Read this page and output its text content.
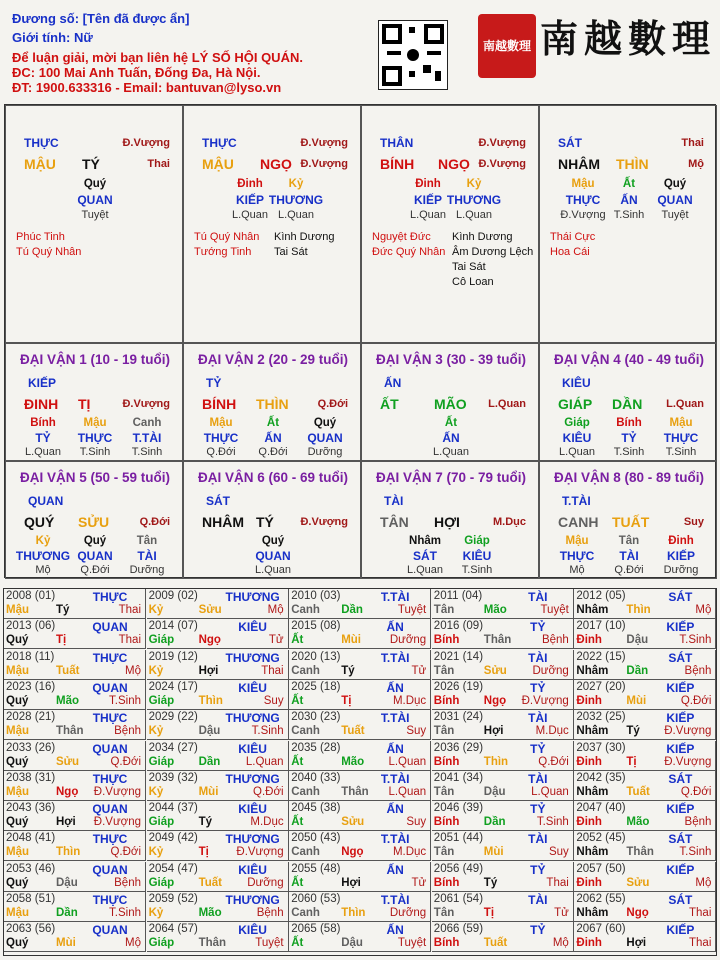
Đương số: [Tên đã được ẩn]
Giới tính: Nữ
Để luận giải, mời bạn liên hệ LÝ SỐ HỘI QUÁN.
ĐC: 100 Mai Anh Tuấn, Đống Đa, Hà Nội.
ĐT: 1900.633316 - Email: bantuvan@lyso.vn
南越數理 南越數理
THỰC	Đ.Vượng
MẬU TÝ	Thai
Quý
QUAN
Tuyệt
Phúc Tinh
Tú Quý Nhân
THỰC	Đ.Vượng
MẬU NGỌ Đ.Vượng
Đinh
KIẾP
L.Quan
Kỷ
THƯƠNG
L.Quan
Tú Quý Nhân
Tướng Tinh
Kình Dương
Tai Sát
THÂN	Đ.Vượng
BÍNH NGỌ Đ.Vượng
Đinh
KIẾP
L.Quan
Kỷ
THƯƠNG
L.Quan
Nguyệt Đức
Đức Quý Nhân
Kình Dương
Âm Dương Lệch
Tai Sát
Cô Loan
SÁT	Thai
NHÂM THÌN	Mộ
Mậu
THỰC
Đ.Vượng
Ất
ẤN
T.Sinh
Quý
QUAN
Tuyệt
Thái Cực
Hoa Cái
ĐẠI VẬN 1 (10 - 19 tuổi)
KIẾP
ĐINH TỊ	Đ.Vượng
Bính
TỶ
L.Quan
Mậu
THỰC
T.Sinh
Canh
T.TÀI
T.Sinh
ĐẠI VẬN 2 (20 - 29 tuổi)
TỶ
BÍNH THÌN	Q.Đới
Mậu
THỰC
Q.Đới
Ất
ẤN
Q.Đới
Quý
QUAN
Dưỡng
ĐẠI VẬN 3 (30 - 39 tuổi)
ẤN
ẤT	MÃO L.Quan
Ất
ẤN
L.Quan
ĐẠI VẬN 4 (40 - 49 tuổi)
KIÊU
GIÁP DẦN L.Quan
Giáp
KIÊU
L.Quan
Bính
TỶ
T.Sinh
Mậu
THỰC
T.Sinh
ĐẠI VẬN 5 (50 - 59 tuổi)
QUAN
QUÝ SỬU	Q.Đới
Kỷ
THƯƠNG
Mộ
Quý
QUAN
Q.Đới
Tân
TÀI
Dưỡng
ĐẠI VẬN 6 (60 - 69 tuổi)
SÁT
NHÂM TÝ Đ.Vượng
Quý
QUAN
L.Quan
ĐẠI VẬN 7 (70 - 79 tuổi)
TÀI
TÂN HỢI	M.Dục
Nhâm
SÁT
L.Quan
Giáp
KIÊU
T.Sinh
ĐẠI VẬN 8 (80 - 89 tuổi)
T.TÀI
CANH TUẤT	Suy
Mậu
THỰC
Mộ
Tân
TÀI
Q.Đới
Đinh
KIẾP
Dưỡng
2008 (01)	THỰC
Mậu Tý	Thai
2009 (02)	THƯƠNG
Kỷ	Sửu	Mộ
2010 (03)	T.TÀI
Canh Dần	Tuyệt
2011 (04)	TÀI
Tân	Mão	Tuyệt
2012 (05)	SÁT
Nhâm Thìn	Mộ
2013 (06)	QUAN
Quý Tị	Thai
2014 (07)	KIÊU
Giáp Ngọ	Tử
2015 (08)	ẤN
Ất	Mùi	Dưỡng
2016 (09)	TỶ
Bính Thân	Bệnh
2017 (10)	KIẾP
Đinh Dậu	T.Sinh
2018 (11)	THỰC
Mậu Tuất	Mộ
2019 (12)	THƯƠNG
Kỷ	Hợi	Thai
2020 (13)	T.TÀI
Canh Tý	Tử
2021 (14)	TÀI
Tân	Sửu Dưỡng
2022 (15)	SÁT
Nhâm Dần	Bệnh
2023 (16)	QUAN
Quý Mão	T.Sinh
2024 (17)	KIÊU
Giáp Thìn	Suy
2025 (18)	ẤN
Ất	Tị	M.Dục
2026 (19)	TỶ
Bính Ngọ Đ.Vượng
2027 (20)	KIẾP
Đinh Mùi	Q.Đới
2028 (21)	THỰC
Mậu Thân	Bệnh
2029 (22)	THƯƠNG
Kỷ	Dậu	T.Sinh
2030 (23)	T.TÀI
Canh Tuất	Suy
2031 (24)	TÀI
Tân	Hợi	M.Dục
2032 (25)	KIẾP
Nhâm Tý Đ.Vượng
2033 (26)	QUAN
Quý Sửu	Q.Đới
2034 (27)	KIÊU
Giáp Dần L.Quan
2035 (28)	ẤN
Ất	Mão L.Quan
2036 (29)	TỶ
Bính Thìn	Q.Đới
2037 (30)	KIẾP
Đinh Tị Đ.Vượng
2038 (31)	THỰC
Mậu Ngọ Đ.Vượng
2039 (32)	THƯƠNG
Kỷ	Mùi	Q.Đới
2040 (33)	T.TÀI
Canh Thân L.Quan
2041 (34)	TÀI
Tân	Dậu L.Quan
2042 (35)	SÁT
Nhâm Tuất	Q.Đới
2043 (36)	QUAN
Quý Hợi Đ.Vượng
2044 (37)	KIÊU
Giáp Tý	M.Dục
2045 (38)	ẤN
Ất	Sửu	Suy
2046 (39)	TỶ
Bính Dần	T.Sinh
2047 (40)	KIẾP
Đinh Mão	Bệnh
2048 (41)	THỰC
Mậu Thìn	Q.Đới
2049 (42)	THƯƠNG
Kỷ	Tị Đ.Vượng
2050 (43)	T.TÀI
Canh Ngọ	M.Dục
2051 (44)	TÀI
Tân	Mùi	Suy
2052 (45)	SÁT
Nhâm Thân T.Sinh
2053 (46)	QUAN
Quý Dậu	Bệnh
2054 (47)	KIÊU
Giáp Tuất Dưỡng
2055 (48)	ẤN
Ất	Hợi	Tử
2056 (49)	TỶ
Bính Tý	Thai
2057 (50)	KIẾP
Đinh Sửu	Mộ
2058 (51)	THỰC
Mậu Dần	T.Sinh
2059 (52)	THƯƠNG
Kỷ	Mão	Bệnh
2060 (53)	T.TÀI
Canh Thìn Dưỡng
2061 (54)	TÀI
Tân	Tị	Tử
2062 (55)	SÁT
Nhâm Ngọ	Thai
2063 (56)	QUAN
Quý Mùi	Mộ
2064 (57)	KIÊU
Giáp Thân	Tuyệt
2065 (58)	ẤN
Ất	Dậu	Tuyệt
2066 (59)	TỶ
Bính Tuất	Mộ
2067 (60)	KIẾP
Đinh Hợi	Thai
